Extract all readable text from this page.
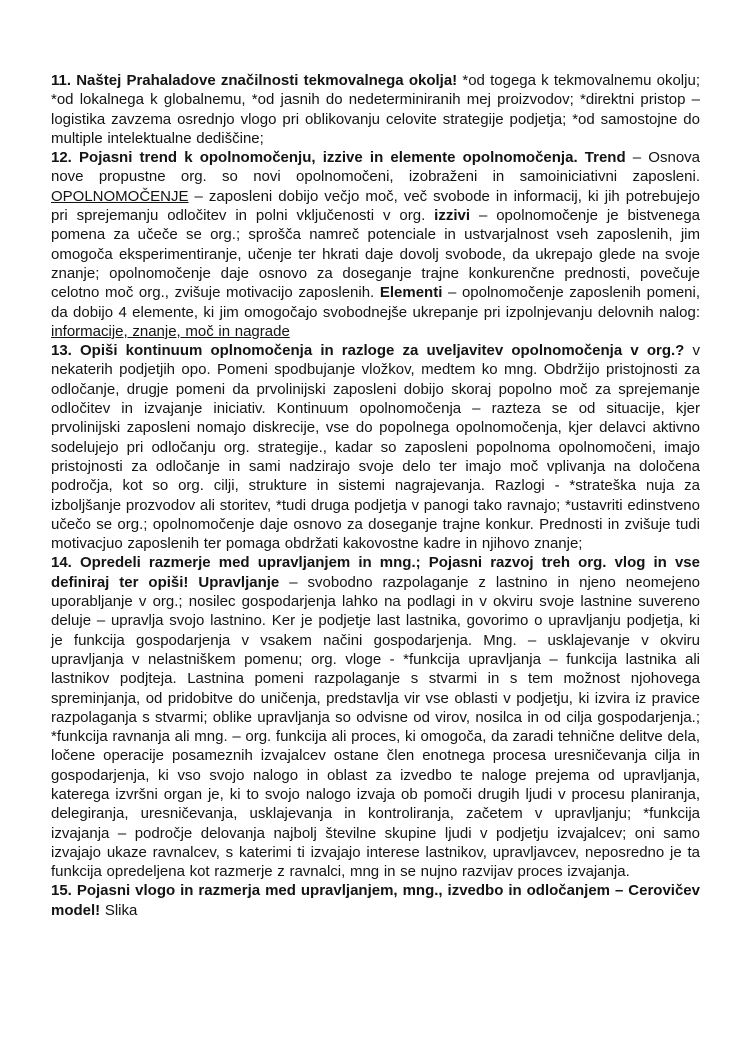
11. Naštej Prahaladove značilnosti tekmovalnega okolja! *od togega k tekmovalnemu okolju; *od lokalnega k globalnemu, *od jasnih do nedeterminiranih mej proizvodov; *direktni pristop – logistika zavzema osrednjo vlogo pri oblikovanju celovite strategije podjetja; *od samostojne do multiple intelektualne dediščine;

12. Pojasni trend k opolnomočenju, izzive in elemente opolnomočenja. Trend – Osnova nove propustne org. so novi opolnomočeni, izobraženi in samoiniciativni zaposleni. OPOLNOMOČENJE – zaposleni dobijo večjo moč, več svobode in informacij, ki jih potrebujejo pri sprejemanju odločitev in polni vključenosti v org. izzivi – opolnomočenje je bistvenega pomena za učeče se org.; sprošča namreč potenciale in ustvarjalnost vseh zaposlenih, jim omogoča eksperimentiranje, učenje ter hkrati daje dovolj svobode, da ukrepajo glede na svoje znanje; opolnomočenje daje osnovo za doseganje trajne konkurenčne prednosti, povečuje celotno moč org., zvišuje motivacijo zaposlenih. Elementi – opolnomočenje zaposlenih pomeni, da dobijo 4 elemente, ki jim omogočajo svobodnejše ukrepanje pri izpolnjevanju delovnih nalog: informacije, znanje, moč in nagrade

13. Opiši kontinuum oplnomočenja in razloge za uveljavitev opolnomočenja v org.? v nekaterih podjetjih opo. Pomeni spodbujanje vložkov, medtem ko mng. Obdržijo pristojnosti za odločanje, drugje pomeni da prvolinijski zaposleni dobijo skoraj popolno moč za sprejemanje odločitev in izvajanje iniciativ. Kontinuum opolnomočenja – razteza se od situacije, kjer prvolinijski zaposleni nomajo diskrecije, vse do popolnega opolnomočenja, kjer delavci aktivno sodelujejo pri odločanju org. strategije., kadar so zaposleni popolnoma opolnomočeni, imajo pristojnosti za odločanje in sami nadzirajo svoje delo ter imajo moč vplivanja na določena področja, kot so org. cilji, strukture in sistemi nagrajevanja. Razlogi - *strateška nuja za izboljšanje prozvodov ali storitev, *tudi druga podjetja v panogi tako ravnajo; *ustavriti edinstveno učečo se org.; opolnomočenje daje osnovo za doseganje trajne konkur. Prednosti in zvišuje tudi motivacjuo zaposlenih ter pomaga obdržati kakovostne kadre in njihovo znanje;

14. Opredeli razmerje med upravljanjem in mng.; Pojasni razvoj treh org. vlog in vse definiraj ter opiši! Upravljanje – svobodno razpolaganje z lastnino in njeno neomejeno uporabljanje v org.; nosilec gospodarjenja lahko na podlagi in v okviru svoje lastnine suvereno deluje – upravlja svojo lastnino. Ker je podjetje last lastnika, govorimo o upravljanju podjetja, ki je funkcija gospodarjenja v vsakem načini gospodarjenja. Mng. – usklajevanje v okviru upravljanja v nelastniškem pomenu; org. vloge - *funkcija upravljanja – funkcija lastnika ali lastnikov podjteja. Lastnina pomeni razpolaganje s stvarmi in s tem možnost njohovega spreminjanja, od pridobitve do uničenja, predstavlja vir vse oblasti v podjetju, ki izvira iz pravice razpolaganja s stvarmi; oblike upravljanja so odvisne od virov, nosilca in od cilja gospodarjenja.; *funkcija ravnanja ali mng. – org. funkcija ali proces, ki omogoča, da zaradi tehnične delitve dela, ločene operacije posameznih izvajalcev ostane člen enotnega procesa uresničevanja cilja in gospodarjenja, ki vso svojo nalogo in oblast za izvedbo te naloge prejema od upravljanja, katerega izvršni organ je, ki to svojo nalogo izvaja ob pomoči drugih ljudi v procesu planiranja, delegiranja, uresničevanja, usklajevanja in kontroliranja, začetem v upravljanju; *funkcija izvajanja – področje delovanja najbolj številne skupine ljudi v podjetju izvajalcev; oni samo izvajajo ukaze ravnalcev, s katerimi ti izvajajo interese lastnikov, upravljavcev, neposredno je ta funkcija opredeljena kot razmerje z ravnalci, mng in se nujno razvijav proces izvajanja.

15. Pojasni vlogo in razmerja med upravljanjem, mng., izvedbo in odločanjem – Cerovičev model! Slika
